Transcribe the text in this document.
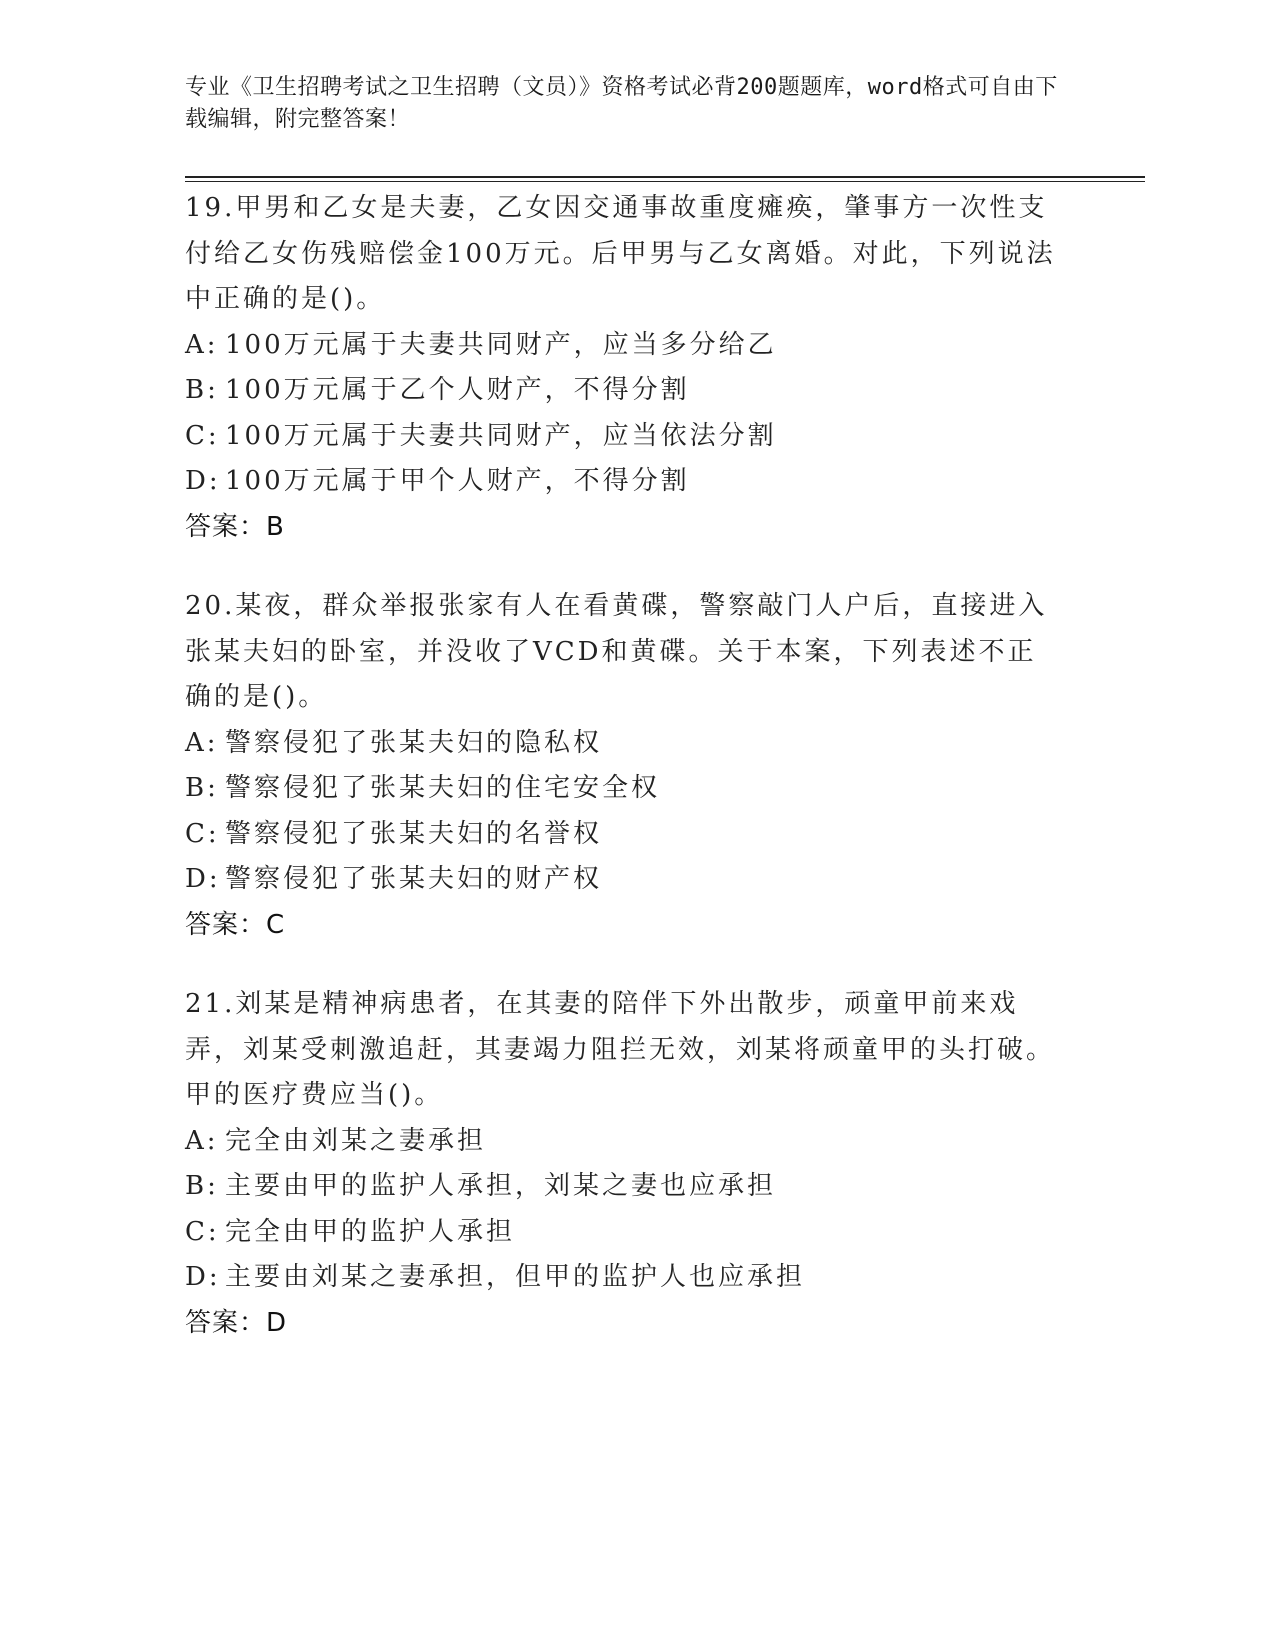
专业《卫生招聘考试之卫生招聘（文员）》资格考试必背200题题库，word格式可自由下载编辑，附完整答案！

19.甲男和乙女是夫妻，乙女因交通事故重度瘫痪，肇事方一次性支付给乙女伤残赔偿金100万元。后甲男与乙女离婚。对此，下列说法中正确的是()。

A: 100万元属于夫妻共同财产，应当多分给乙

B: 100万元属于乙个人财产，不得分割

C: 100万元属于夫妻共同财产，应当依法分割

D: 100万元属于甲个人财产，不得分割

答案：B

20.某夜，群众举报张家有人在看黄碟，警察敲门人户后，直接进入张某夫妇的卧室，并没收了VCD和黄碟。关于本案，下列表述不正确的是()。

A: 警察侵犯了张某夫妇的隐私权

B: 警察侵犯了张某夫妇的住宅安全权

C: 警察侵犯了张某夫妇的名誉权

D: 警察侵犯了张某夫妇的财产权

答案：C

21.刘某是精神病患者，在其妻的陪伴下外出散步，顽童甲前来戏弄，刘某受刺激追赶，其妻竭力阻拦无效，刘某将顽童甲的头打破。甲的医疗费应当()。

A: 完全由刘某之妻承担

B: 主要由甲的监护人承担，刘某之妻也应承担

C: 完全由甲的监护人承担

D: 主要由刘某之妻承担，但甲的监护人也应承担

答案：D
